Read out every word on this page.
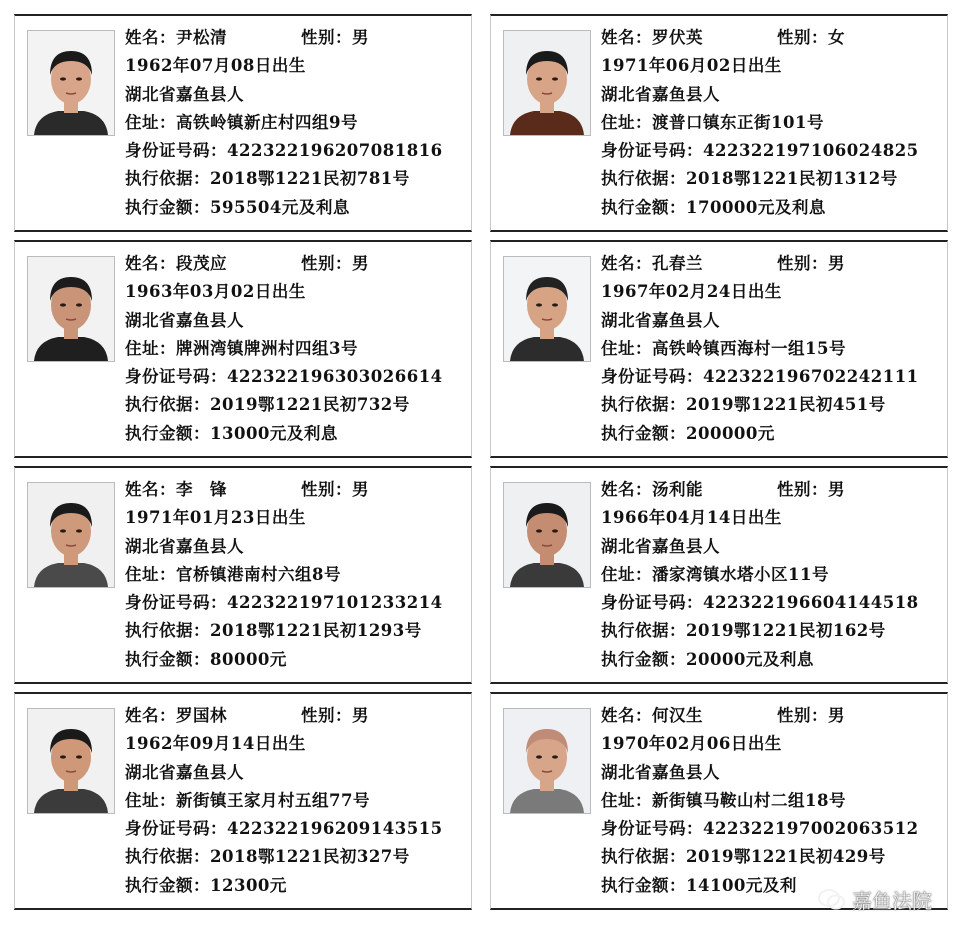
姓名：尹松清	性别：男
1962年07月08日出生
湖北省嘉鱼县人
住址：高铁岭镇新庄村四组9号
身份证号码：422322196207081816
执行依据：2018鄂1221民初781号
执行金额：595504元及利息
姓名：罗伏英	性别：女
1971年06月02日出生
湖北省嘉鱼县人
住址：渡普口镇东正街101号
身份证号码：422322197106024825
执行依据：2018鄂1221民初1312号
执行金额：170000元及利息
姓名：段茂应	性别：男
1963年03月02日出生
湖北省嘉鱼县人
住址：牌洲湾镇牌洲村四组3号
身份证号码：422322196303026614
执行依据：2019鄂1221民初732号
执行金额：13000元及利息
姓名：孔春兰	性别：男
1967年02月24日出生
湖北省嘉鱼县人
住址：高铁岭镇西海村一组15号
身份证号码：422322196702242111
执行依据：2019鄂1221民初451号
执行金额：200000元
姓名：李　锋	性别：男
1971年01月23日出生
湖北省嘉鱼县人
住址：官桥镇港南村六组8号
身份证号码：422322197101233214
执行依据：2018鄂1221民初1293号
执行金额：80000元
姓名：汤利能	性别：男
1966年04月14日出生
湖北省嘉鱼县人
住址：潘家湾镇水塔小区11号
身份证号码：422322196604144518
执行依据：2019鄂1221民初162号
执行金额：20000元及利息
姓名：罗国林	性别：男
1962年09月14日出生
湖北省嘉鱼县人
住址：新街镇王家月村五组77号
身份证号码：422322196209143515
执行依据：2018鄂1221民初327号
执行金额：12300元
姓名：何汉生	性别：男
1970年02月06日出生
湖北省嘉鱼县人
住址：新街镇马鞍山村二组18号
身份证号码：422322197002063512
执行依据：2019鄂1221民初429号
执行金额：14100元及利
嘉鱼法院
